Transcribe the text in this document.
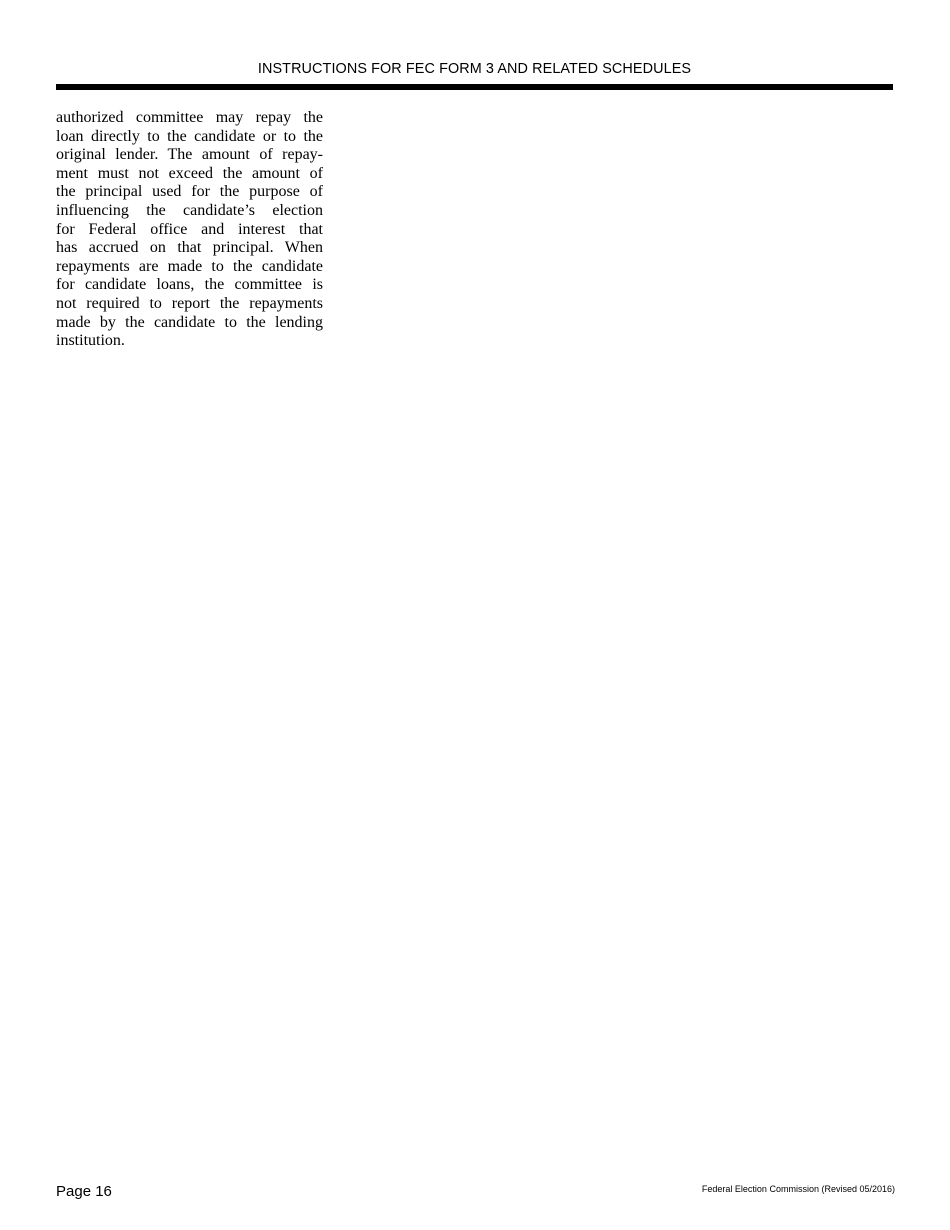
INSTRUCTIONS FOR FEC FORM 3 AND RELATED SCHEDULES
authorized committee may repay the
loan directly to the candidate or to the
original lender. The amount of repay-
ment must not exceed the amount of
the principal used for the purpose of
influencing the candidate’s election
for Federal office and interest that
has accrued on that principal. When
repayments are made to the candidate
for candidate loans, the committee is
not required to report the repayments
made by the candidate to the lending
institution.
Page 16	Federal Election Commission (Revised 05/2016)
